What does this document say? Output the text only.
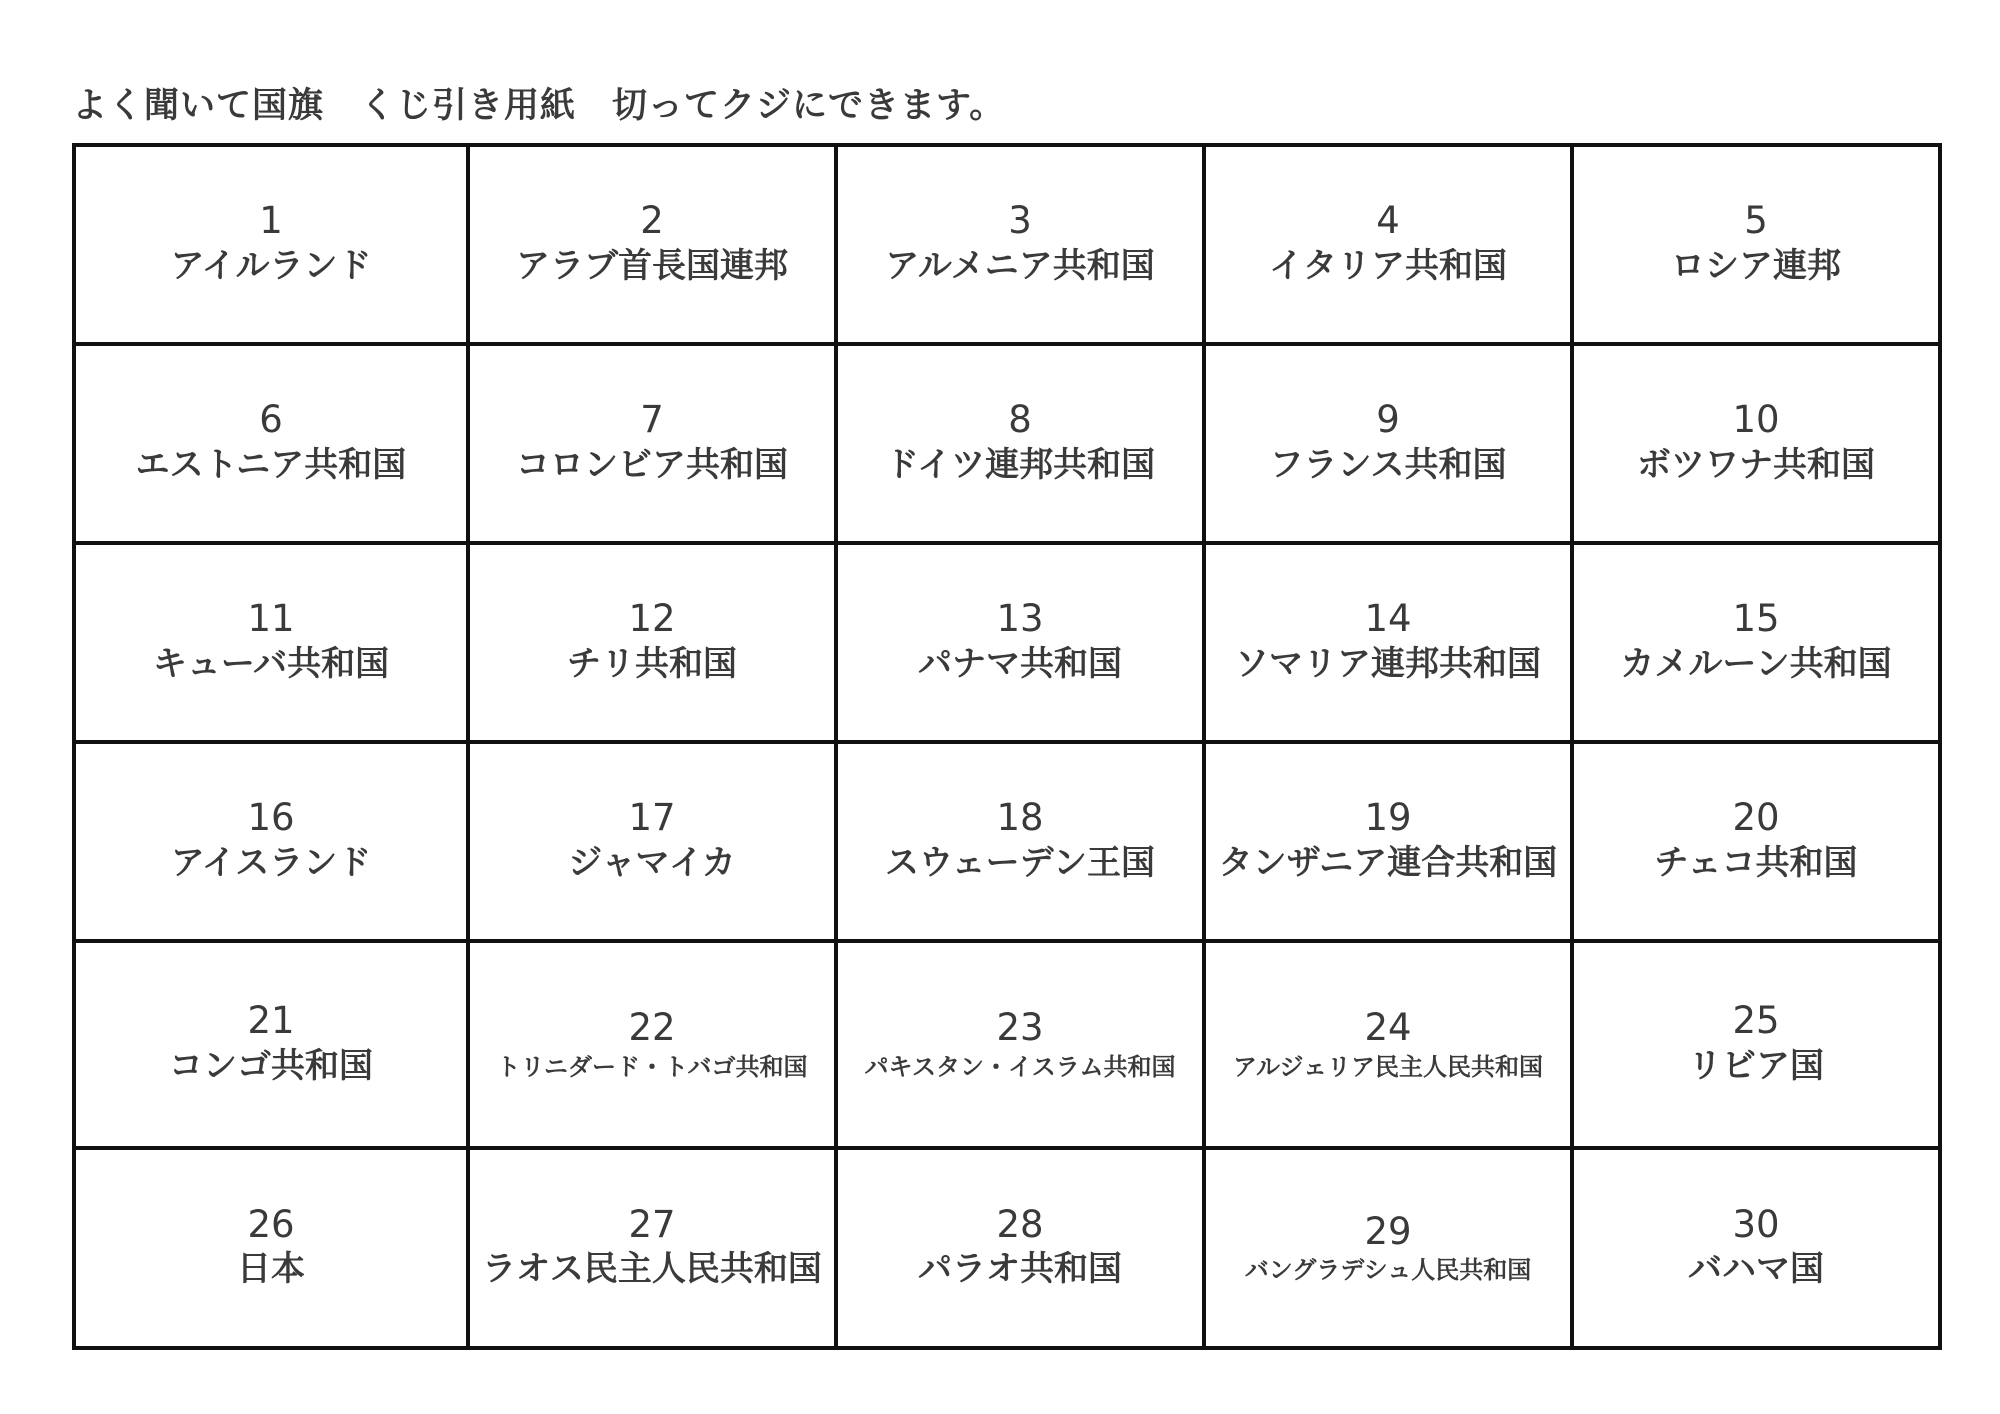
よく聞いて国旗　くじ引き用紙　切ってクジにできます。
1
アイルランド
2
アラブ首長国連邦
3
アルメニア共和国
4
イタリア共和国
5
ロシア連邦
6
エストニア共和国
7
コロンビア共和国
8
ドイツ連邦共和国
9
フランス共和国
10
ボツワナ共和国
11
キューバ共和国
12
チリ共和国
13
パナマ共和国
14
ソマリア連邦共和国
15
カメルーン共和国
16
アイスランド
17
ジャマイカ
18
スウェーデン王国
19
タンザニア連合共和国
20
チェコ共和国
21
コンゴ共和国
22
トリニダード・トバゴ共和国
23
パキスタン・イスラム共和国
24
アルジェリア民主人民共和国
25
リビア国
26
日本
27
ラオス民主人民共和国
28
パラオ共和国
29
バングラデシュ人民共和国
30
バハマ国
